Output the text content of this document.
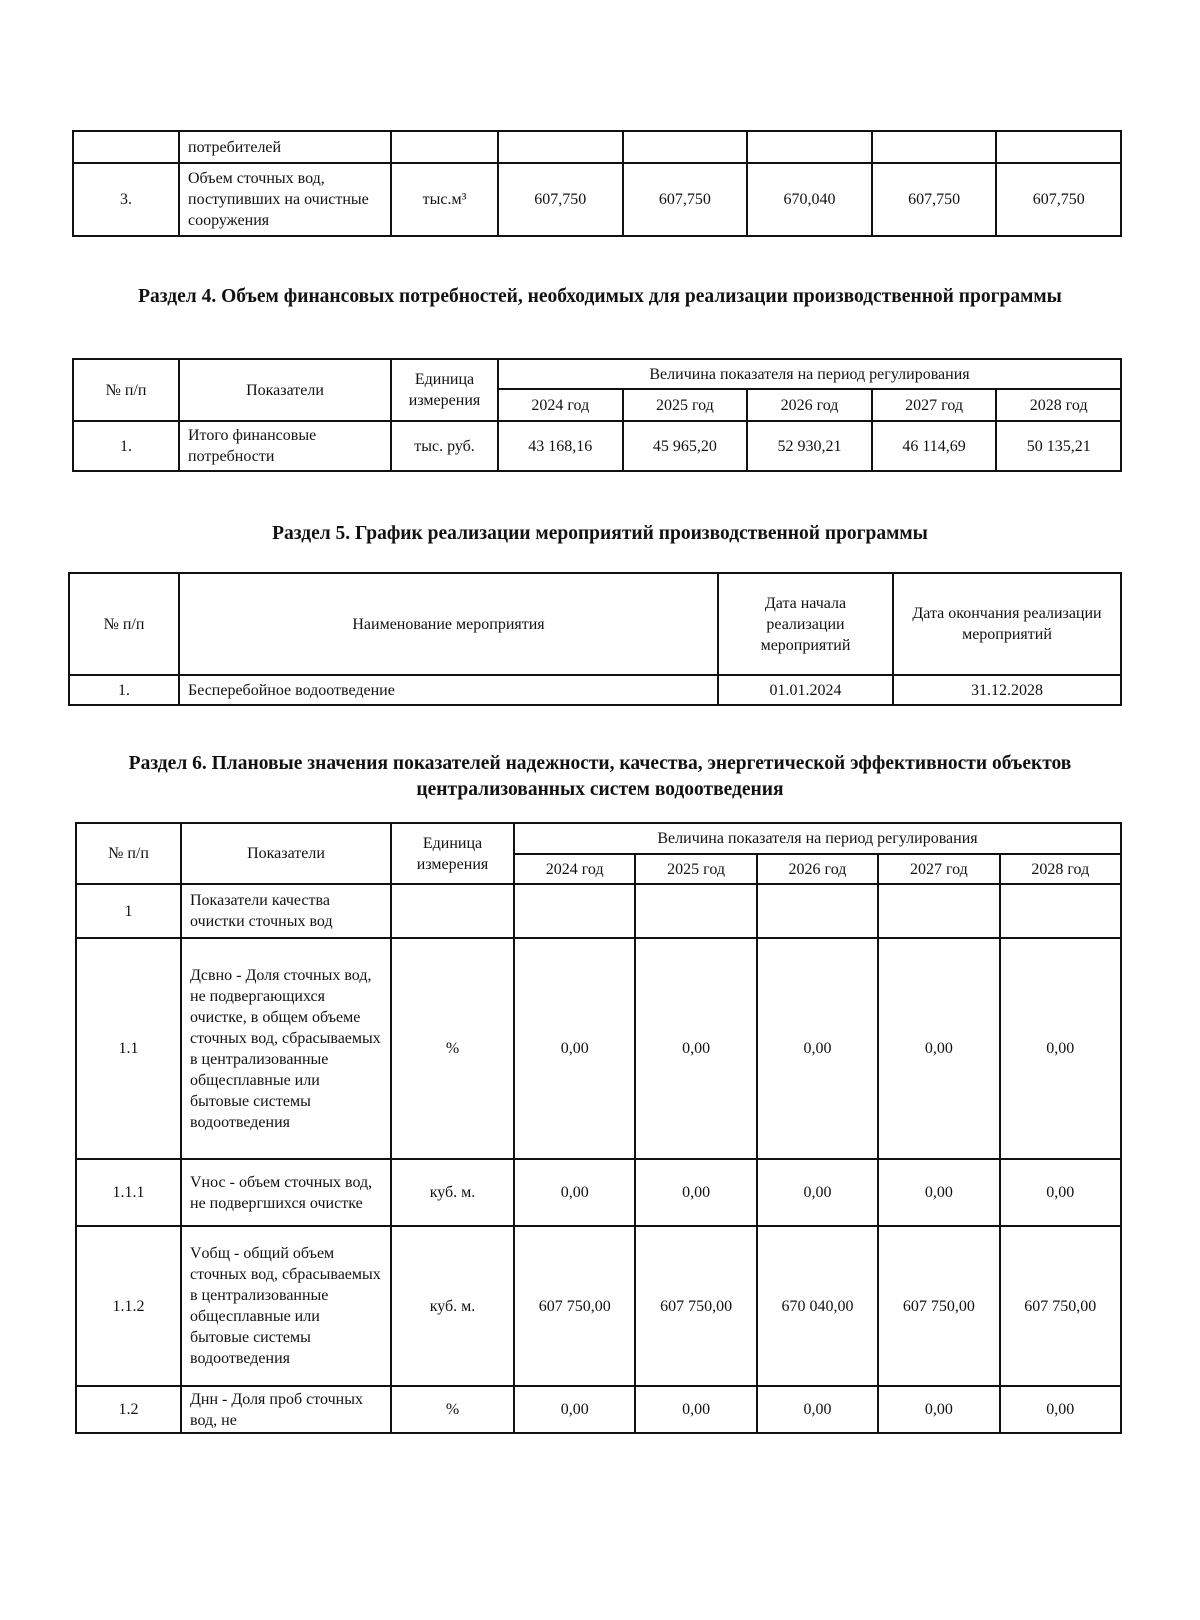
	потребителей						
3.	Объем сточных вод, поступивших на очистные сооружения	тыс.м³	607,750	607,750	670,040	607,750	607,750
Раздел 4. Объем финансовых потребностей, необходимых для реализации производственной программы
№ п/п	Показатели	Единица измерения	Величина показателя на период регулирования				
			2024 год	2025 год	2026 год	2027 год	2028 год
1.	Итого финансовые потребности	тыс. руб.	43 168,16	45 965,20	52 930,21	46 114,69	50 135,21
Раздел 5. График реализации мероприятий производственной программы
№ п/п	Наименование мероприятия	Дата начала реализации мероприятий	Дата окончания реализации мероприятий
1.	Бесперебойное водоотведение	01.01.2024	31.12.2028
Раздел 6. Плановые значения показателей надежности, качества, энергетической эффективности объектов централизованных систем водоотведения
№ п/п	Показатели	Единица измерения	Величина показателя на период регулирования				
			2024 год	2025 год	2026 год	2027 год	2028 год
1	Показатели качества очистки сточных вод						
1.1	Дсвно - Доля сточных вод, не подвергающихся очистке, в общем объеме сточных вод, сбрасываемых в централизованные общесплавные или бытовые системы водоотведения	%	0,00	0,00	0,00	0,00	0,00
1.1.1	Vнос - объем сточных вод, не подвергшихся очистке	куб. м.	0,00	0,00	0,00	0,00	0,00
1.1.2	Vобщ - общий объем сточных вод, сбрасываемых в централизованные общесплавные или бытовые системы водоотведения	куб. м.	607 750,00	607 750,00	670 040,00	607 750,00	607 750,00
1.2	Днн - Доля проб сточных вод, не	%	0,00	0,00	0,00	0,00	0,00
